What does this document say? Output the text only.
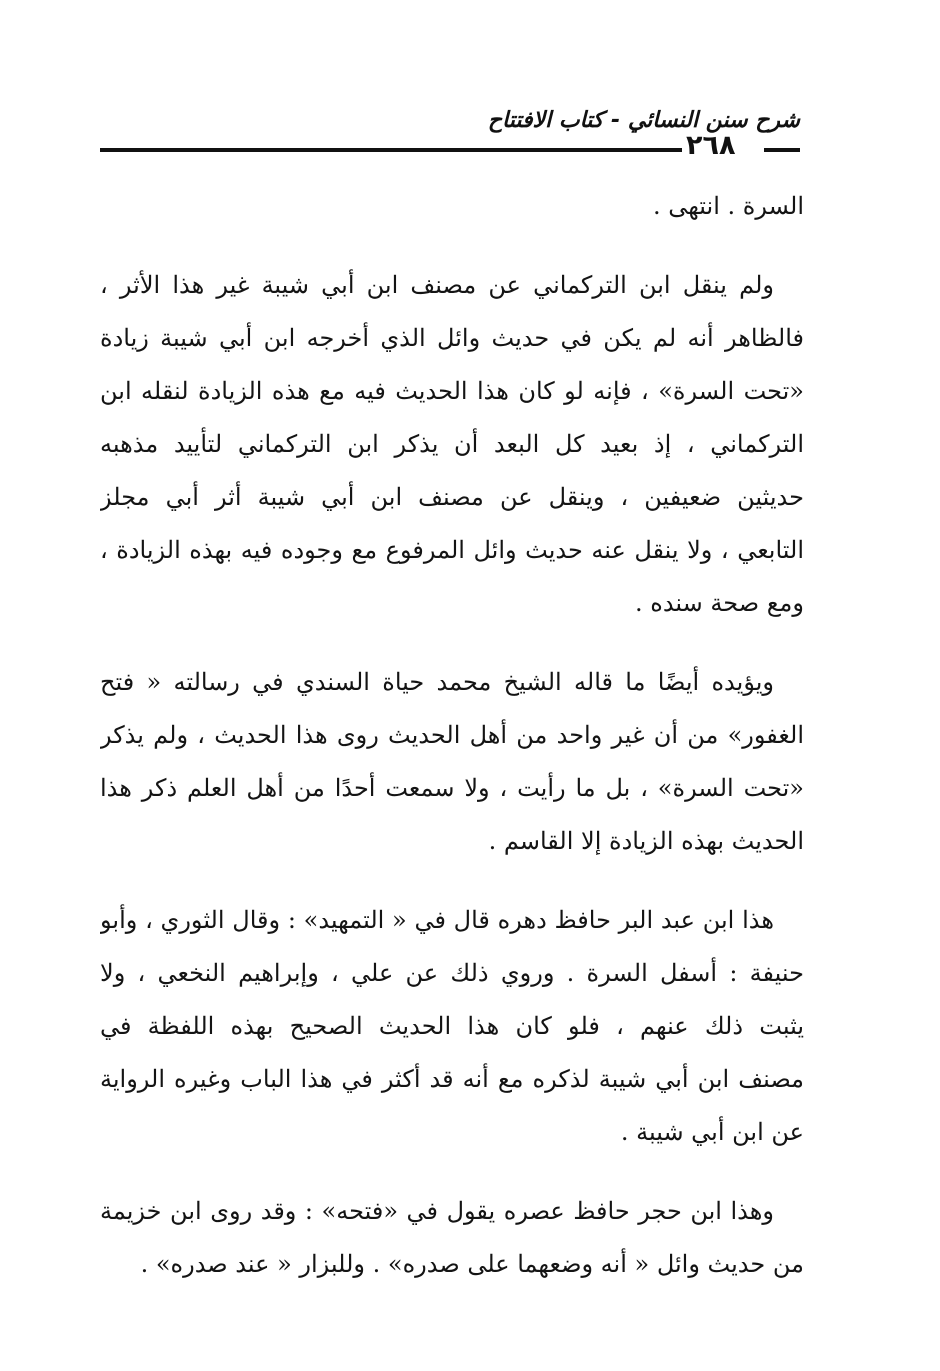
شرح سنن النسائي - كتاب الافتتاح
٢٦٨
السرة . انتهى .
ولم ينقل ابن التركماني عن مصنف ابن أبي شيبة غير هذا الأثر ،
فالظاهر أنه لم يكن في حديث وائل الذي أخرجه ابن أبي شيبة زيادة
«تحت السرة» ، فإنه لو كان هذا الحديث فيه مع هذه الزيادة لنقله ابن
التركماني ، إذ بعيد كل البعد أن يذكر ابن التركماني لتأييد مذهبه
حديثين ضعيفين ، وينقل عن مصنف ابن أبي شيبة أثر أبي مجلز
التابعي ، ولا ينقل عنه حديث وائل المرفوع مع وجوده فيه بهذه الزيادة ،
ومع صحة سنده .
ويؤيده أيضًا ما قاله الشيخ محمد حياة السندي في رسالته « فتح
الغفور» من أن غير واحد من أهل الحديث روى هذا الحديث ، ولم يذكر
«تحت السرة» ، بل ما رأيت ، ولا سمعت أحدًا من أهل العلم ذكر هذا
الحديث بهذه الزيادة إلا القاسم .
هذا ابن عبد البر حافظ دهره قال في « التمهيد» : وقال الثوري ، وأبو
حنيفة : أسفل السرة . وروي ذلك عن علي ، وإبراهيم النخعي ، ولا
يثبت ذلك عنهم ، فلو كان هذا الحديث الصحيح بهذه اللفظة في
مصنف ابن أبي شيبة لذكره مع أنه قد أكثر في هذا الباب وغيره الرواية
عن ابن أبي شيبة .
وهذا ابن حجر حافظ عصره يقول في «فتحه» : وقد روى ابن خزيمة
من حديث وائل « أنه وضعهما على صدره» . وللبزار « عند صدره» .
